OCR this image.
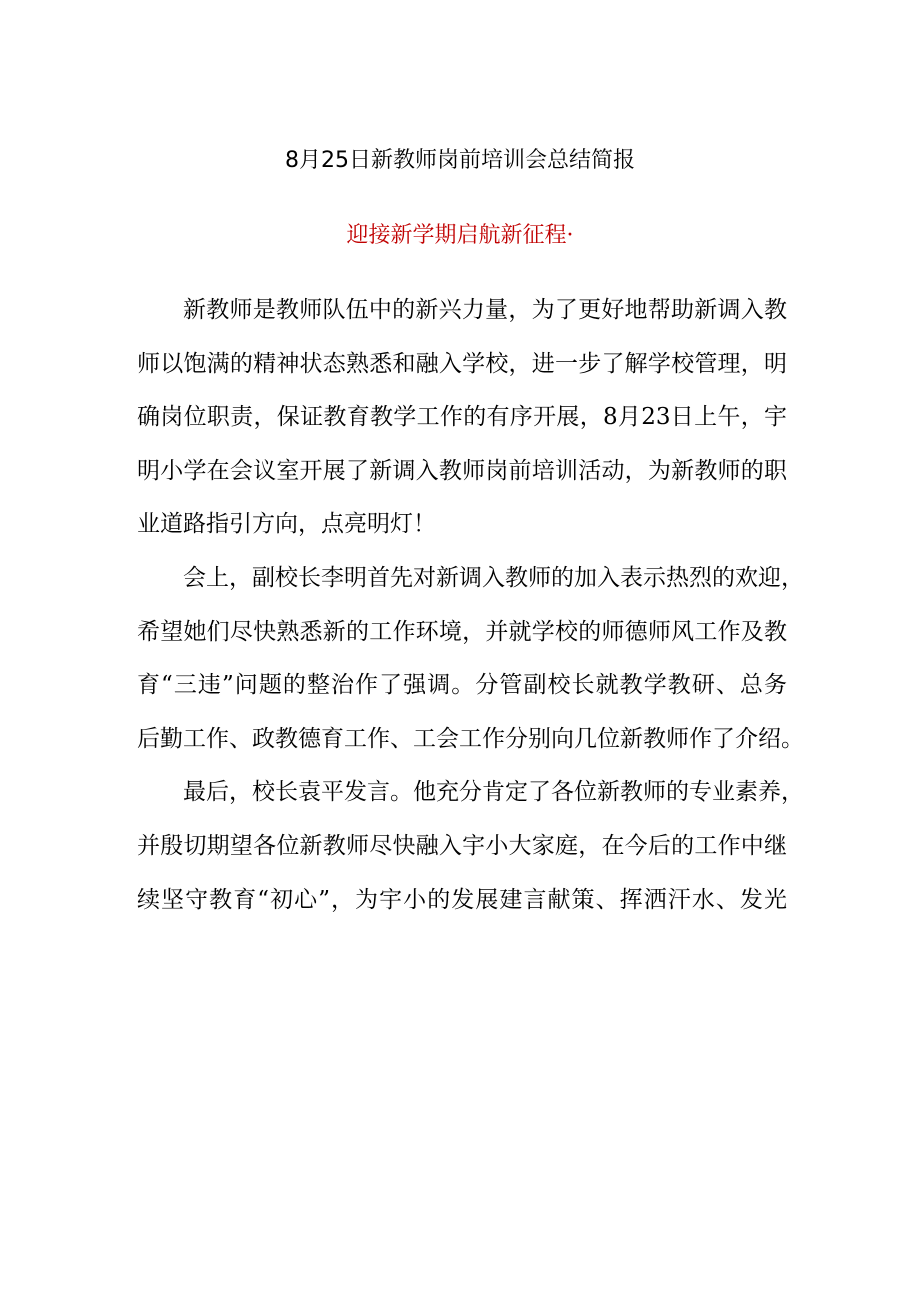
8月25日新教师岗前培训会总结简报
迎接新学期启航新征程·
新教师是教师队伍中的新兴力量，为了更好地帮助新调入教
师以饱满的精神状态熟悉和融入学校，进一步了解学校管理，明
确岗位职责，保证教育教学工作的有序开展，8月23日上午，宇
明小学在会议室开展了新调入教师岗前培训活动，为新教师的职
业道路指引方向，点亮明灯！
会上，副校长李明首先对新调入教师的加入表示热烈的欢迎，
希望她们尽快熟悉新的工作环境，并就学校的师德师风工作及教
育“三违”问题的整治作了强调。分管副校长就教学教研、总务
后勤工作、政教德育工作、工会工作分别向几位新教师作了介绍。
最后，校长袁平发言。他充分肯定了各位新教师的专业素养，
并殷切期望各位新教师尽快融入宇小大家庭，在今后的工作中继
续坚守教育“初心”，为宇小的发展建言献策、挥洒汗水、发光
